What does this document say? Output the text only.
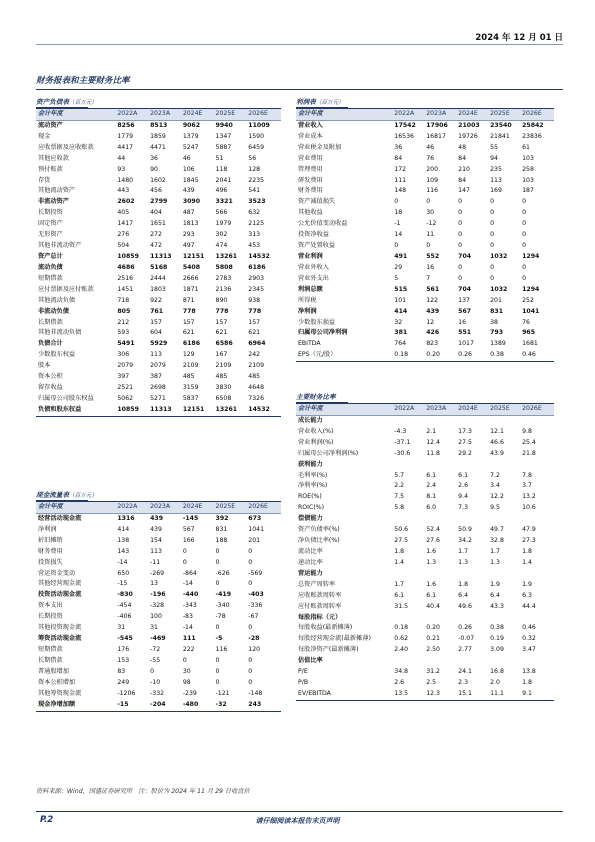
2024 年 12 月 01 日
财务报表和主要财务比率
资产负债表（百万元）
会计年度	2022A	2023A	2024E	2025E	2026E
流动资产	8256	8513	9062	9940	11009
现金	1779	1859	1379	1347	1590
应收票据及应收账款	4417	4471	5247	5887	6459
其他应收款	44	36	46	51	56
预付账款	93	90	106	118	128
存货	1480	1602	1845	2041	2235
其他流动资产	443	456	439	496	541
非流动资产	2602	2799	3090	3321	3523
长期投资	405	404	487	566	632
固定资产	1417	1651	1813	1979	2125
无形资产	276	272	293	302	313
其他非流动资产	504	472	497	474	453
资产总计	10859	11313	12151	13261	14532
流动负债	4686	5168	5408	5808	6186
短期借款	2516	2444	2666	2783	2903
应付票据及应付账款	1451	1803	1871	2136	2345
其他流动负债	718	922	871	890	938
非流动负债	805	761	778	778	778
长期借款	212	157	157	157	157
其他非流动负债	593	604	621	621	621
负债合计	5491	5929	6186	6586	6964
少数股东权益	306	113	129	167	242
股本	2079	2079	2109	2109	2109
资本公积	397	387	485	485	485
留存收益	2521	2698	3159	3830	4648
归属母公司股东权益	5062	5271	5837	6508	7326
负债和股东权益	10859	11313	12151	13261	14532
利润表（百万元）
会计年度	2022A	2023A	2024E	2025E	2026E
营业收入	17542	17906	21003	23540	25842
营业成本	16536	16817	19726	21841	23836
营业税金及附加	36	46	48	55	61
营业费用	84	76	84	94	103
管理费用	172	200	210	235	258
研发费用	111	109	84	113	103
财务费用	148	116	147	169	187
资产减值损失	0	0	0	0	0
其他收益	18	30	0	0	0
公允价值变动收益	-1	-12	0	0	0
投资净收益	14	11	0	0	0
资产处置收益	0	0	0	0	0
营业利润	491	552	704	1032	1294
营业外收入	29	16	0	0	0
营业外支出	5	7	0	0	0
利润总额	515	561	704	1032	1294
所得税	101	122	137	201	252
净利润	414	439	567	831	1041
少数股东损益	32	12	16	38	76
归属母公司净利润	381	426	551	793	965
EBITDA	764	823	1017	1389	1681
EPS（元/股）	0.18	0.20	0.26	0.38	0.46
现金流量表（百万元）
会计年度	2022A	2023A	2024E	2025E	2026E
经营活动现金流	1316	439	-145	392	673
净利润	414	439	567	831	1041
折旧摊销	138	154	166	188	201
财务费用	143	113	0	0	0
投资损失	-14	-11	0	0	0
营运资金变动	650	-269	-864	-626	-569
其他经营现金流	-15	13	-14	0	0
投资活动现金流	-830	-196	-440	-419	-403
资本支出	-454	-328	-343	-340	-336
长期投资	-406	100	-83	-78	-67
其他投资现金流	31	31	-14	0	0
筹资活动现金流	-545	-469	111	-5	-28
短期借款	176	-72	222	116	120
长期借款	153	-55	0	0	0
普通股增加	83	0	30	0	0
资本公积增加	249	-10	98	0	0
其他筹资现金流	-1206	-332	-239	-121	-148
现金净增加额	-15	-204	-480	-32	243
主要财务比率
会计年度	2022A	2023A	2024E	2025E	2026E
成长能力
营业收入(%)	-4.3	2.1	17.3	12.1	9.8
营业利润(%)	-37.1	12.4	27.5	46.6	25.4
归属母公司净利润(%)	-30.6	11.8	29.2	43.9	21.8
获利能力
毛利率(%)	5.7	6.1	6.1	7.2	7.8
净利率(%)	2.2	2.4	2.6	3.4	3.7
ROE(%)	7.5	8.1	9.4	12.2	13.2
ROIC(%)	5.8	6.0	7.3	9.5	10.6
偿债能力
资产负债率(%)	50.6	52.4	50.9	49.7	47.9
净负债比率(%)	27.5	27.6	34.2	32.8	27.3
流动比率	1.8	1.6	1.7	1.7	1.8
速动比率	1.4	1.3	1.3	1.3	1.4
营运能力
总资产周转率	1.7	1.6	1.8	1.9	1.9
应收账款周转率	6.1	6.1	6.4	6.4	6.3
应付账款周转率	31.5	40.4	49.6	43.3	44.4
每股指标（元）
每股收益(最新摊薄)	0.18	0.20	0.26	0.38	0.46
每股经营现金流(最新摊薄)	0.62	0.21	-0.07	0.19	0.32
每股净资产(最新摊薄)	2.40	2.50	2.77	3.09	3.47
估值比率
P/E	34.8	31.2	24.1	16.8	13.8
P/B	2.6	2.5	2.3	2.0	1.8
EV/EBITDA	13.5	12.3	15.1	11.1	9.1
资料来源：Wind，国盛证券研究所　注：股价为 2024 年 11 月 29 日收盘价
P.2	请仔细阅读本报告末页声明
